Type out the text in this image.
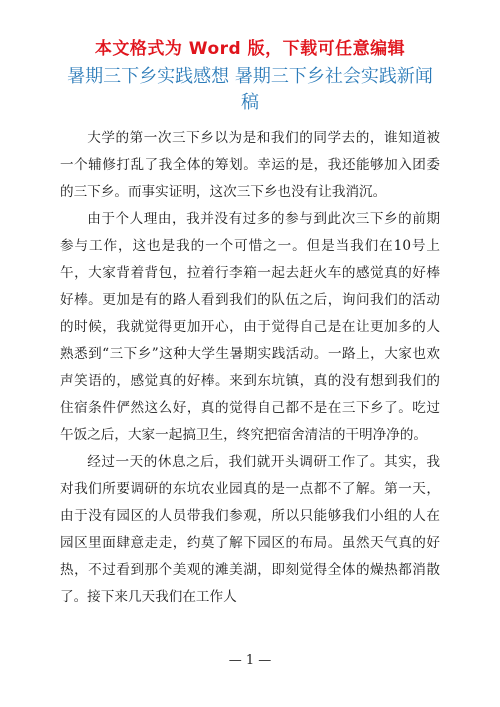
本文格式为 Word 版，下载可任意编辑
暑期三下乡实践感想 暑期三下乡社会实践新闻稿

大学的第一次三下乡以为是和我们的同学去的，谁知道被一个辅修打乱了我全体的筹划。幸运的是，我还能够加入团委的三下乡。而事实证明，这次三下乡也没有让我消沉。

由于个人理由，我并没有过多的参与到此次三下乡的前期参与工作，这也是我的一个可惜之一。但是当我们在10号上午，大家背着背包，拉着行李箱一起去赶火车的感觉真的好棒好棒。更加是有的路人看到我们的队伍之后，询问我们的活动的时候，我就觉得更加开心，由于觉得自己是在让更加多的人熟悉到“三下乡”这种大学生暑期实践活动。一路上，大家也欢声笑语的，感觉真的好棒。来到东坑镇，真的没有想到我们的住宿条件俨然这么好，真的觉得自己都不是在三下乡了。吃过午饭之后，大家一起搞卫生，终究把宿舍清洁的干明净净的。

经过一天的休息之后，我们就开头调研工作了。其实，我对我们所要调研的东坑农业园真的是一点都不了解。第一天，由于没有园区的人员带我们参观，所以只能够我们小组的人在园区里面肆意走走，约莫了解下园区的布局。虽然天气真的好热，不过看到那个美观的滩美湖，即刻觉得全体的燥热都消散了。接下来几天我们在工作人

— 1 —
